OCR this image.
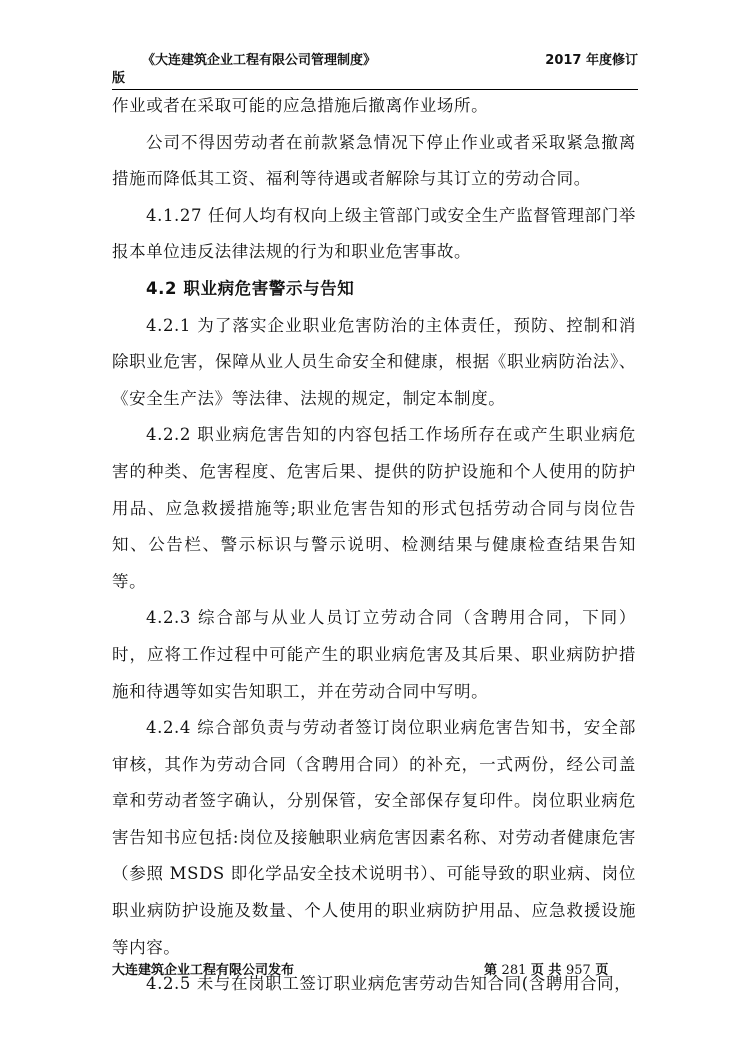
《大连建筑企业工程有限公司管理制度》	2017 年度修订
版

作业或者在采取可能的应急措施后撤离作业场所。

公司不得因劳动者在前款紧急情况下停止作业或者采取紧急撤离措施而降低其工资、福利等待遇或者解除与其订立的劳动合同。

4.1.27 任何人均有权向上级主管部门或安全生产监督管理部门举报本单位违反法律法规的行为和职业危害事故。

4.2 职业病危害警示与告知

4.2.1 为了落实企业职业危害防治的主体责任，预防、控制和消除职业危害，保障从业人员生命安全和健康，根据《职业病防治法》、《安全生产法》等法律、法规的规定，制定本制度。

4.2.2 职业病危害告知的内容包括工作场所存在或产生职业病危害的种类、危害程度、危害后果、提供的防护设施和个人使用的防护用品、应急救援措施等;职业危害告知的形式包括劳动合同与岗位告知、公告栏、警示标识与警示说明、检测结果与健康检查结果告知等。

4.2.3 综合部与从业人员订立劳动合同（含聘用合同，下同）时，应将工作过程中可能产生的职业病危害及其后果、职业病防护措施和待遇等如实告知职工，并在劳动合同中写明。

4.2.4 综合部负责与劳动者签订岗位职业病危害告知书，安全部审核，其作为劳动合同（含聘用合同）的补充，一式两份，经公司盖章和劳动者签字确认，分别保管，安全部保存复印件。岗位职业病危害告知书应包括:岗位及接触职业病危害因素名称、对劳动者健康危害（参照 MSDS 即化学品安全技术说明书）、可能导致的职业病、岗位职业病防护设施及数量、个人使用的职业病防护用品、应急救援设施等内容。

4.2.5 未与在岗职工签订职业病危害劳动告知合同(含聘用合同，

大连建筑企业工程有限公司发布	第 281 页 共 957 页
